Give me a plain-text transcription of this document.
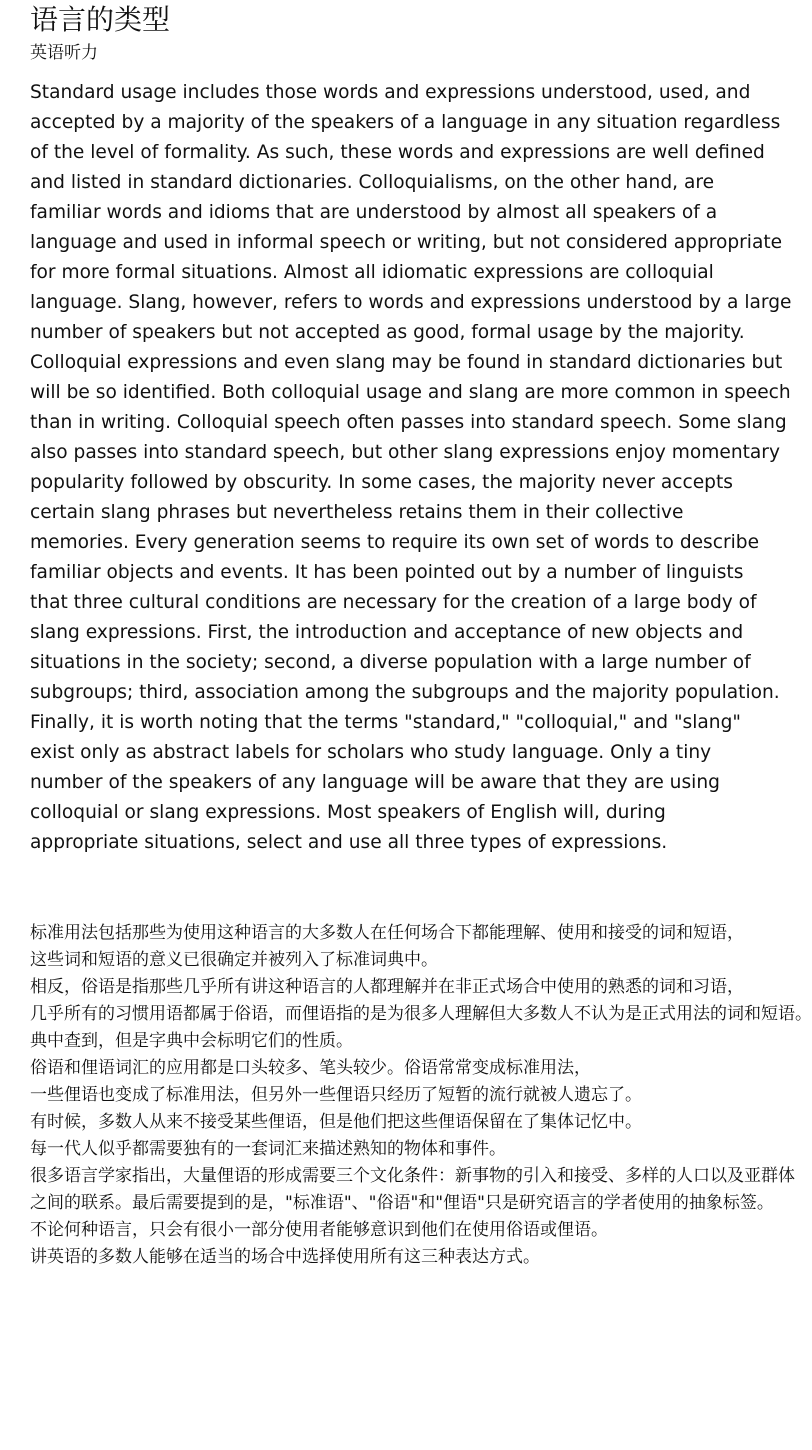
语言的类型
英语听力
Standard usage includes those words and expressions understood, used, and
accepted by a majority of the speakers of a language in any situation regardless
of the level of formality. As such, these words and expressions are well defined
and listed in standard dictionaries. Colloquialisms, on the other hand, are
familiar words and idioms that are understood by almost all speakers of a
language and used in informal speech or writing, but not considered appropriate
for more formal situations. Almost all idiomatic expressions are colloquial
language. Slang, however, refers to words and expressions understood by a large
number of speakers but not accepted as good, formal usage by the majority.
Colloquial expressions and even slang may be found in standard dictionaries but
will be so identified. Both colloquial usage and slang are more common in speech
than in writing. Colloquial speech often passes into standard speech. Some slang
also passes into standard speech, but other slang expressions enjoy momentary
popularity followed by obscurity. In some cases, the majority never accepts
certain slang phrases but nevertheless retains them in their collective
memories. Every generation seems to require its own set of words to describe
familiar objects and events. It has been pointed out by a number of linguists
that three cultural conditions are necessary for the creation of a large body of
slang expressions. First, the introduction and acceptance of new objects and
situations in the society; second, a diverse population with a large number of
subgroups; third, association among the subgroups and the majority population.
Finally, it is worth noting that the terms "standard," "colloquial," and "slang"
exist only as abstract labels for scholars who study language. Only a tiny
number of the speakers of any language will be aware that they are using
colloquial or slang expressions. Most speakers of English will, during
appropriate situations, select and use all three types of expressions.
标准用法包括那些为使用这种语言的大多数人在任何场合下都能理解、使用和接受的词和短语，
这些词和短语的意义已很确定并被列入了标准词典中。
相反，俗语是指那些几乎所有讲这种语言的人都理解并在非正式场合中使用的熟悉的词和习语，
几乎所有的习惯用语都属于俗语，而俚语指的是为很多人理解但大多数人不认为是正式用法的词和短语。
典中查到，但是字典中会标明它们的性质。
俗语和俚语词汇的应用都是口头较多、笔头较少。俗语常常变成标准用法，
一些俚语也变成了标准用法，但另外一些俚语只经历了短暂的流行就被人遗忘了。
有时候，多数人从来不接受某些俚语，但是他们把这些俚语保留在了集体记忆中。
每一代人似乎都需要独有的一套词汇来描述熟知的物体和事件。
很多语言学家指出，大量俚语的形成需要三个文化条件：新事物的引入和接受、多样的人口以及亚群体
之间的联系。最后需要提到的是，"标准语"、"俗语"和"俚语"只是研究语言的学者使用的抽象标签。
不论何种语言，只会有很小一部分使用者能够意识到他们在使用俗语或俚语。
讲英语的多数人能够在适当的场合中选择使用所有这三种表达方式。
